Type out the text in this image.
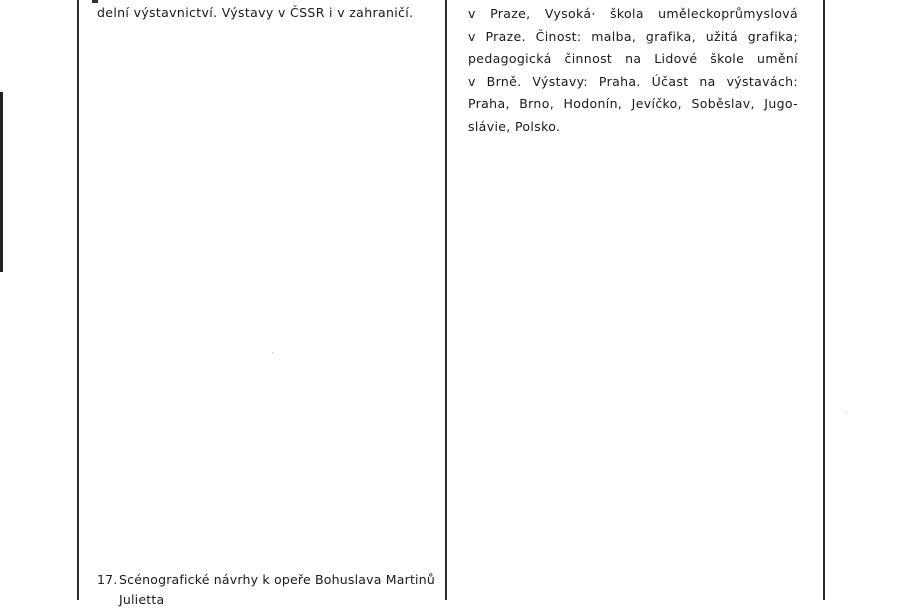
delní výstavnictví. Výstavy v ČSSR i v zahraničí.	v Praze, Vysoká· škola uměleckoprůmyslová
v Praze. Činost: malba, grafika, užitá grafika;
pedagogická činnost na Lidové škole umění
v Brně. Výstavy: Praha. Účast na výstavách:
Praha, Brno, Hodonín, Jevíčko, Soběslav, Jugo-
slávie, Polsko.
17. Scénografické návrhy k opeře Bohuslava Martinů
Julietta
